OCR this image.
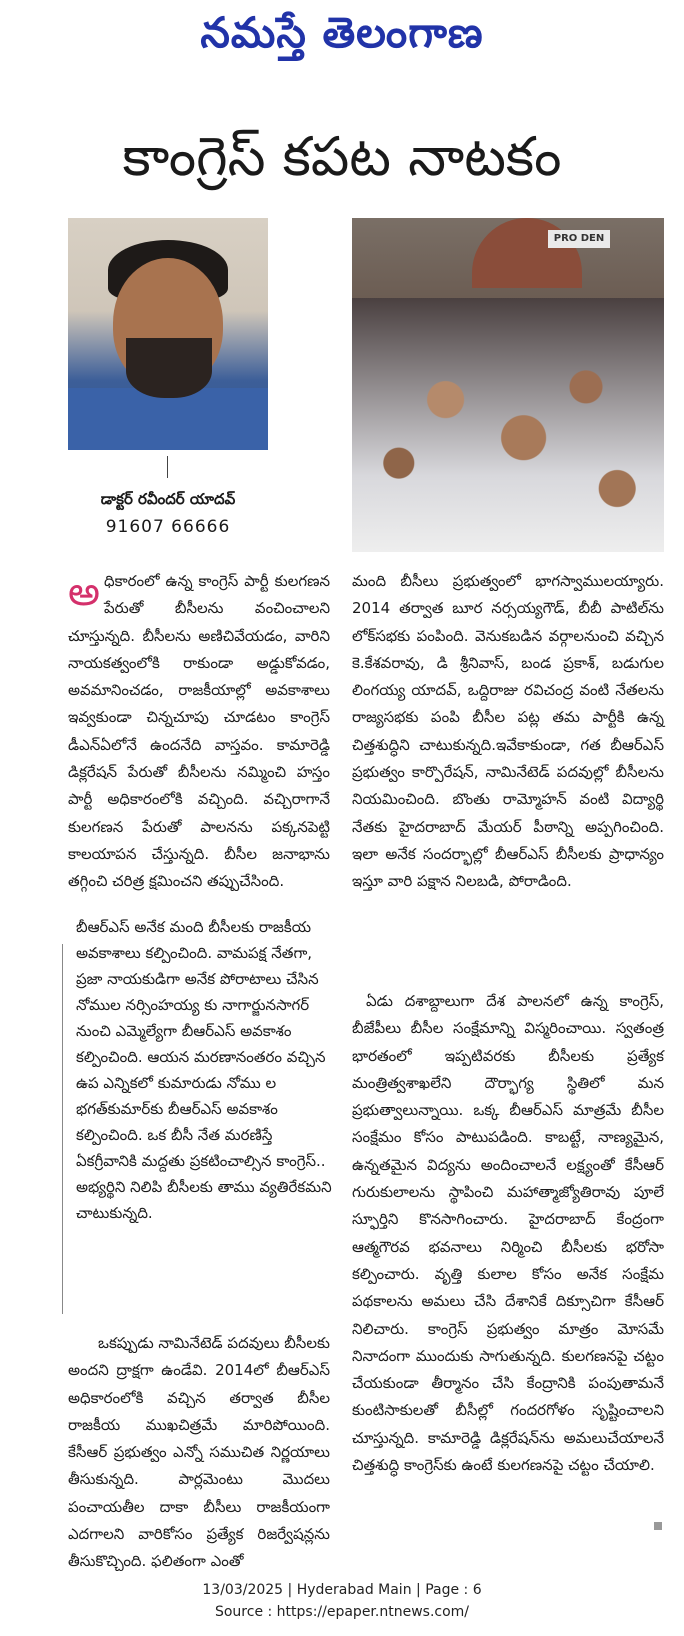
నమస్తే తెలంగాణ
కాంగ్రెస్ కపట నాటకం
డాక్టర్ రవీందర్ యాదవ్
91607 66666
PRO DEN
అ ధికారంలో ఉన్న కాంగ్రెస్ పార్టీ కులగణన పేరుతో బీసీలను వంచించాలని చూస్తున్నది. బీసీలను అణిచివేయడం, వారిని నాయకత్వంలోకి రాకుండా అడ్డుకోవడం, అవమానించడం, రాజకీయాల్లో అవకాశాలు ఇవ్వకుండా చిన్నచూపు చూడటం కాంగ్రెస్ డీఎన్ఏలోనే ఉందనేది వాస్తవం. కామారెడ్డి డిక్లరేషన్ పేరుతో బీసీలను నమ్మించి హస్తం పార్టీ అధికారంలోకి వచ్చింది. వచ్చిరాగానే కులగణన పేరుతో పాలనను పక్కనపెట్టి కాలయాపన చేస్తున్నది. బీసీల జనాభాను తగ్గించి చరిత్ర క్షమించని తప్పుచేసింది.

బీఆర్ఎస్ అనేక మంది బీసీలకు రాజకీయ అవకాశాలు కల్పించింది. వామపక్ష నేతగా, ప్రజా నాయకుడిగా అనేక పోరాటాలు చేసిన నోముల నర్సింహయ్య కు నాగార్జునసాగర్ నుంచి ఎమ్మెల్యేగా బీఆర్ఎస్ అవకాశం కల్పించింది. ఆయన మరణానంతరం వచ్చిన ఉప ఎన్నికలో కుమారుడు నోము ల భగత్‌కుమార్‌కు బీఆర్ఎస్ అవకాశం కల్పించింది. ఒక బీసీ నేత మరణిస్తే ఏకగ్రీవానికి మద్దతు ప్రకటించాల్సిన కాంగ్రెస్.. అభ్యర్థిని నిలిపి బీసీలకు తాము వ్యతిరేకమని చాటుకున్నది.

ఒకప్పుడు నామినేటెడ్ పదవులు బీసీలకు అందని ద్రాక్షగా ఉండేవి. 2014లో బీఆర్ఎస్ అధికారంలోకి వచ్చిన తర్వాత బీసీల రాజకీయ ముఖచిత్రమే మారిపోయింది. కేసీఆర్ ప్రభుత్వం ఎన్నో సముచిత నిర్ణయాలు తీసుకున్నది. పార్లమెంటు మొదలు పంచాయతీల దాకా బీసీలు రాజకీయంగా ఎదగాలని వారికోసం ప్రత్యేక రిజర్వేషన్లను తీసుకొచ్చింది. ఫలితంగా ఎంతో

మంది బీసీలు ప్రభుత్వంలో భాగస్వాములయ్యారు. 2014 తర్వాత బూర నర్సయ్యగౌడ్, బీబీ పాటిల్‌ను లోక్‌సభకు పంపింది. వెనుకబడిన వర్గాలనుంచి వచ్చిన కె.కేశవరావు, డి శ్రీనివాస్, బండ ప్రకాశ్, బడుగుల లింగయ్య యాదవ్, ఒద్దిరాజు రవిచంద్ర వంటి నేతలను రాజ్యసభకు పంపి బీసీల పట్ల తమ పార్టీకి ఉన్న చిత్తశుద్ధిని చాటుకున్నది.ఇవేకాకుండా, గత బీఆర్ఎస్ ప్రభుత్వం కార్పొరేషన్, నామినేటెడ్ పదవుల్లో బీసీలను నియమించింది. బొంతు రామ్మోహన్ వంటి విద్యార్థి నేతకు హైదరాబాద్ మేయర్ పీఠాన్ని అప్పగించింది. ఇలా అనేక సందర్భాల్లో బీఆర్ఎస్ బీసీలకు ప్రాధాన్యం ఇస్తూ వారి పక్షాన నిలబడి, పోరాడింది.

ఏడు దశాబ్దాలుగా దేశ పాలనలో ఉన్న కాంగ్రెస్, బీజేపీలు బీసీల సంక్షేమాన్ని విస్మరించాయి. స్వతంత్ర భారతంలో ఇప్పటివరకు బీసీలకు ప్రత్యేక మంత్రిత్వశాఖలేని దౌర్భాగ్య స్థితిలో మన ప్రభుత్వాలున్నాయి. ఒక్క బీఆర్ఎస్ మాత్రమే బీసీల సంక్షేమం కోసం పాటుపడింది. కాబట్టే, నాణ్యమైన, ఉన్నతమైన విద్యను అందించాలనే లక్ష్యంతో కేసీఆర్ గురుకులాలను స్థాపించి మహాత్మాజ్యోతిరావు పూలే స్ఫూర్తిని కొనసాగించారు. హైదరాబాద్ కేంద్రంగా ఆత్మగౌరవ భవనాలు నిర్మించి బీసీలకు భరోసా కల్పించారు. వృత్తి కులాల కోసం అనేక సంక్షేమ పథకాలను అమలు చేసి దేశానికే దిక్సూచిగా కేసీఆర్ నిలిచారు. కాంగ్రెస్ ప్రభుత్వం మాత్రం మోసమే నినాదంగా ముందుకు సాగుతున్నది. కులగణనపై చట్టం చేయకుండా తీర్మానం చేసి కేంద్రానికి పంపుతామనే కుంటిసాకులతో బీసీల్లో గందరగోళం సృష్టించాలని చూస్తున్నది. కామారెడ్డి డిక్లరేషన్‌ను అమలుచేయాలనే చిత్తశుద్ధి కాంగ్రెస్‌కు ఉంటే కులగణనపై చట్టం చేయాలి.

13/03/2025 | Hyderabad Main | Page : 6
Source : https://epaper.ntnews.com/
